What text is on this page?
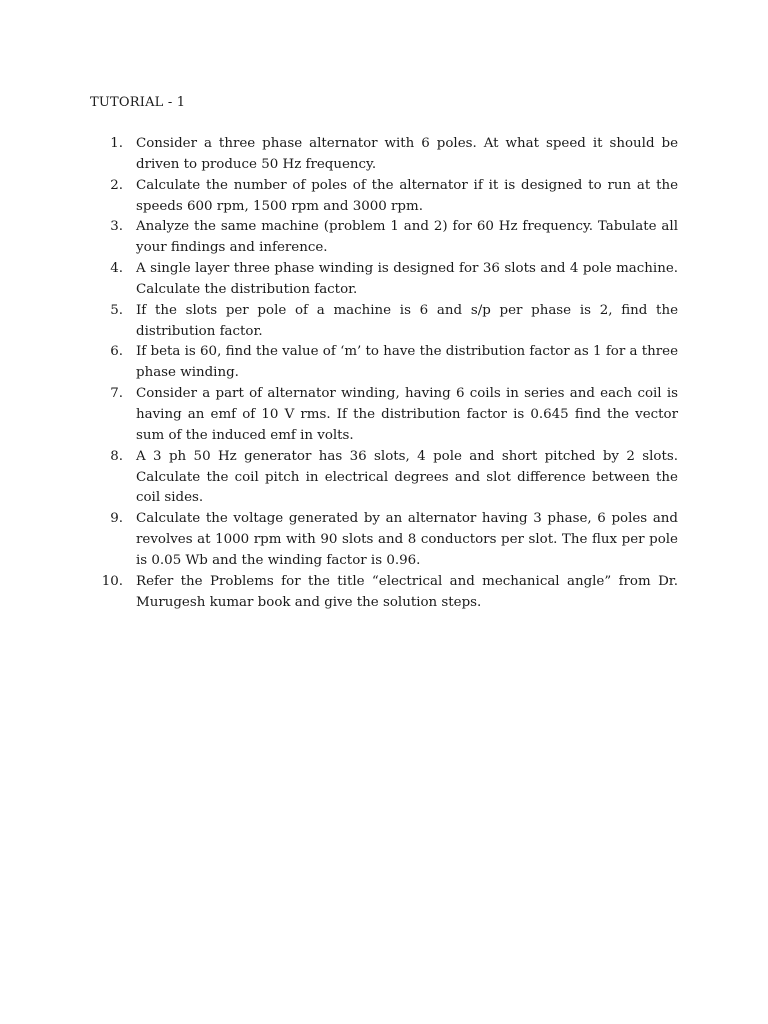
TUTORIAL - 1
1. Consider a three phase alternator with 6 poles. At what speed it should be driven to produce 50 Hz frequency.
2. Calculate the number of poles of the alternator if it is designed to run at the speeds 600 rpm, 1500 rpm and 3000 rpm.
3. Analyze the same machine (problem 1 and 2) for 60 Hz frequency. Tabulate all your findings and inference.
4. A single layer three phase winding is designed for 36 slots and 4 pole machine. Calculate the distribution factor.
5. If the slots per pole of a machine is 6 and s/p per phase is 2, find the distribution factor.
6. If beta is 60, find the value of ‘m’ to have the distribution factor as 1 for a three phase winding.
7. Consider a part of alternator winding, having 6 coils in series and each coil is having an emf of 10 V rms. If the distribution factor is 0.645 find the vector sum of the induced emf in volts.
8. A 3 ph 50 Hz generator has 36 slots, 4 pole and short pitched by 2 slots. Calculate the coil pitch in electrical degrees and slot difference between the coil sides.
9. Calculate the voltage generated by an alternator having 3 phase, 6 poles and revolves at 1000 rpm with 90 slots and 8 conductors per slot. The flux per pole is 0.05 Wb and the winding factor is 0.96.
10. Refer the Problems for the title “electrical and mechanical angle” from Dr. Murugesh kumar book and give the solution steps.
